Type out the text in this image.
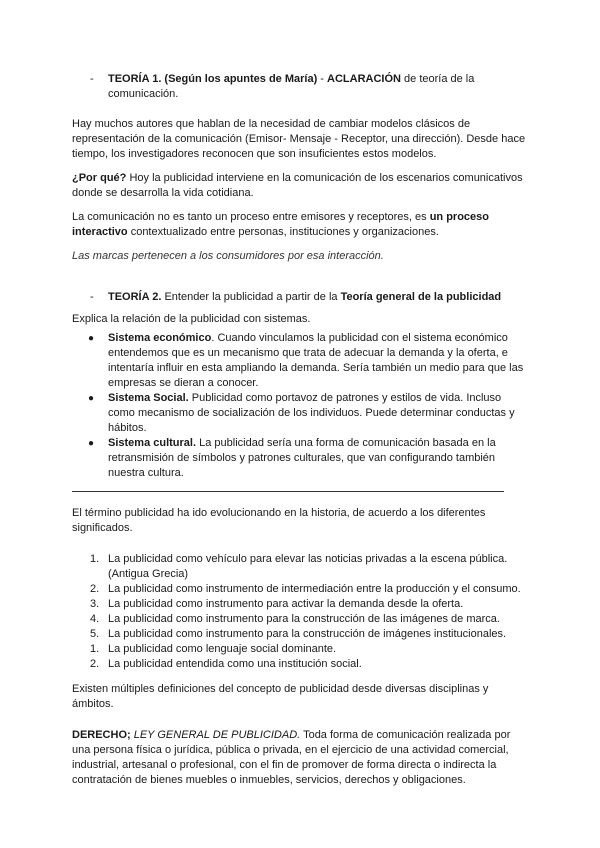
- TEORÍA 1. (Según los apuntes de María) - ACLARACIÓN de teoría de la comunicación.

Hay muchos autores que hablan de la necesidad de cambiar modelos clásicos de representación de la comunicación (Emisor- Mensaje - Receptor, una dirección). Desde hace tiempo, los investigadores reconocen que son insuficientes estos modelos.

¿Por qué? Hoy la publicidad interviene en la comunicación de los escenarios comunicativos donde se desarrolla la vida cotidiana.

La comunicación no es tanto un proceso entre emisores y receptores, es un proceso interactivo contextualizado entre personas, instituciones y organizaciones.

Las marcas pertenecen a los consumidores por esa interacción.

- TEORÍA 2. Entender la publicidad a partir de la Teoría general de la publicidad

Explica la relación de la publicidad con sistemas.

● Sistema económico. Cuando vinculamos la publicidad con el sistema económico entendemos que es un mecanismo que trata de adecuar la demanda y la oferta, e intentaría influir en esta ampliando la demanda. Sería también un medio para que las empresas se dieran a conocer.
● Sistema Social. Publicidad como portavoz de patrones y estilos de vida. Incluso como mecanismo de socialización de los individuos. Puede determinar conductas y hábitos.
● Sistema cultural. La publicidad sería una forma de comunicación basada en la retransmisión de símbolos y patrones culturales, que van configurando también nuestra cultura.

El término publicidad ha ido evolucionando en la historia, de acuerdo a los diferentes significados.

1. La publicidad como vehículo para elevar las noticias privadas a la escena pública. (Antigua Grecia)
2. La publicidad como instrumento de intermediación entre la producción y el consumo.
3. La publicidad como instrumento para activar la demanda desde la oferta.
4. La publicidad como instrumento para la construcción de las imágenes de marca.
5. La publicidad como instrumento para la construcción de imágenes institucionales.
1. La publicidad como lenguaje social dominante.
2. La publicidad entendida como una institución social.

Existen múltiples definiciones del concepto de publicidad desde diversas disciplinas y ámbitos.

DERECHO; LEY GENERAL DE PUBLICIDAD. Toda forma de comunicación realizada por una persona física o jurídica, pública o privada, en el ejercicio de una actividad comercial, industrial, artesanal o profesional, con el fin de promover de forma directa o indirecta la contratación de bienes muebles o inmuebles, servicios, derechos y obligaciones.
